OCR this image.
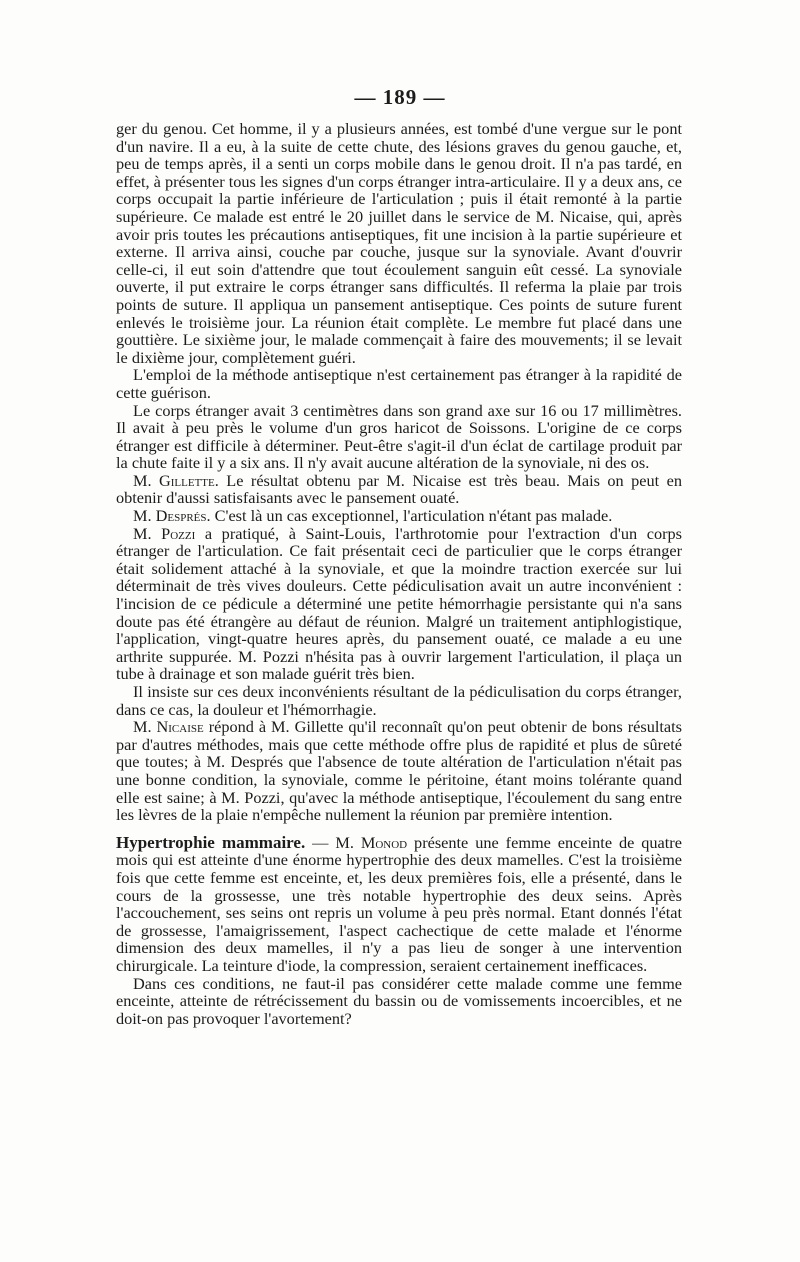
— 189 —

ger du genou. Cet homme, il y a plusieurs années, est tombé d'une vergue sur le pont d'un navire. Il a eu, à la suite de cette chute, des lésions graves du genou gauche, et, peu de temps après, il a senti un corps mobile dans le genou droit. Il n'a pas tardé, en effet, à présenter tous les signes d'un corps étranger intra-articulaire. Il y a deux ans, ce corps occupait la partie inférieure de l'articulation ; puis il était remonté à la partie supérieure. Ce malade est entré le 20 juillet dans le service de M. Nicaise, qui, après avoir pris toutes les précautions antiseptiques, fit une incision à la partie supérieure et externe. Il arriva ainsi, couche par couche, jusque sur la synoviale. Avant d'ouvrir celle-ci, il eut soin d'attendre que tout écoulement sanguin eût cessé. La synoviale ouverte, il put extraire le corps étranger sans difficultés. Il referma la plaie par trois points de suture. Il appliqua un pansement antiseptique. Ces points de suture furent enlevés le troisième jour. La réunion était complète. Le membre fut placé dans une gouttière. Le sixième jour, le malade commençait à faire des mouvements; il se levait le dixième jour, complètement guéri.

L'emploi de la méthode antiseptique n'est certainement pas étranger à la rapidité de cette guérison.

Le corps étranger avait 3 centimètres dans son grand axe sur 16 ou 17 millimètres. Il avait à peu près le volume d'un gros haricot de Soissons. L'origine de ce corps étranger est difficile à déterminer. Peut-être s'agit-il d'un éclat de cartilage produit par la chute faite il y a six ans. Il n'y avait aucune altération de la synoviale, ni des os.

M. Gillette. Le résultat obtenu par M. Nicaise est très beau. Mais on peut en obtenir d'aussi satisfaisants avec le pansement ouaté.

M. Després. C'est là un cas exceptionnel, l'articulation n'étant pas malade.

M. Pozzi a pratiqué, à Saint-Louis, l'arthrotomie pour l'extraction d'un corps étranger de l'articulation. Ce fait présentait ceci de particulier que le corps étranger était solidement attaché à la synoviale, et que la moindre traction exercée sur lui déterminait de très vives douleurs. Cette pédiculisation avait un autre inconvénient : l'incision de ce pédicule a déterminé une petite hémorrhagie persistante qui n'a sans doute pas été étrangère au défaut de réunion. Malgré un traitement antiphlogistique, l'application, vingt-quatre heures après, du pansement ouaté, ce malade a eu une arthrite suppurée. M. Pozzi n'hésita pas à ouvrir largement l'articulation, il plaça un tube à drainage et son malade guérit très bien.

Il insiste sur ces deux inconvénients résultant de la pédiculisation du corps étranger, dans ce cas, la douleur et l'hémorrhagie.

M. Nicaise répond à M. Gillette qu'il reconnaît qu'on peut obtenir de bons résultats par d'autres méthodes, mais que cette méthode offre plus de rapidité et plus de sûreté que toutes; à M. Després que l'absence de toute altération de l'articulation n'était pas une bonne condition, la synoviale, comme le péritoine, étant moins tolérante quand elle est saine; à M. Pozzi, qu'avec la méthode antiseptique, l'écoulement du sang entre les lèvres de la plaie n'empêche nullement la réunion par première intention.

Hypertrophie mammaire. — M. Monod présente une femme enceinte de quatre mois qui est atteinte d'une énorme hypertrophie des deux mamelles. C'est la troisième fois que cette femme est enceinte, et, les deux premières fois, elle a présenté, dans le cours de la grossesse, une très notable hypertrophie des deux seins. Après l'accouchement, ses seins ont repris un volume à peu près normal. Etant donnés l'état de grossesse, l'amaigrissement, l'aspect cachectique de cette malade et l'énorme dimension des deux mamelles, il n'y a pas lieu de songer à une intervention chirurgicale. La teinture d'iode, la compression, seraient certainement inefficaces.

Dans ces conditions, ne faut-il pas considérer cette malade comme une femme enceinte, atteinte de rétrécissement du bassin ou de vomissements incoercibles, et ne doit-on pas provoquer l'avortement?
